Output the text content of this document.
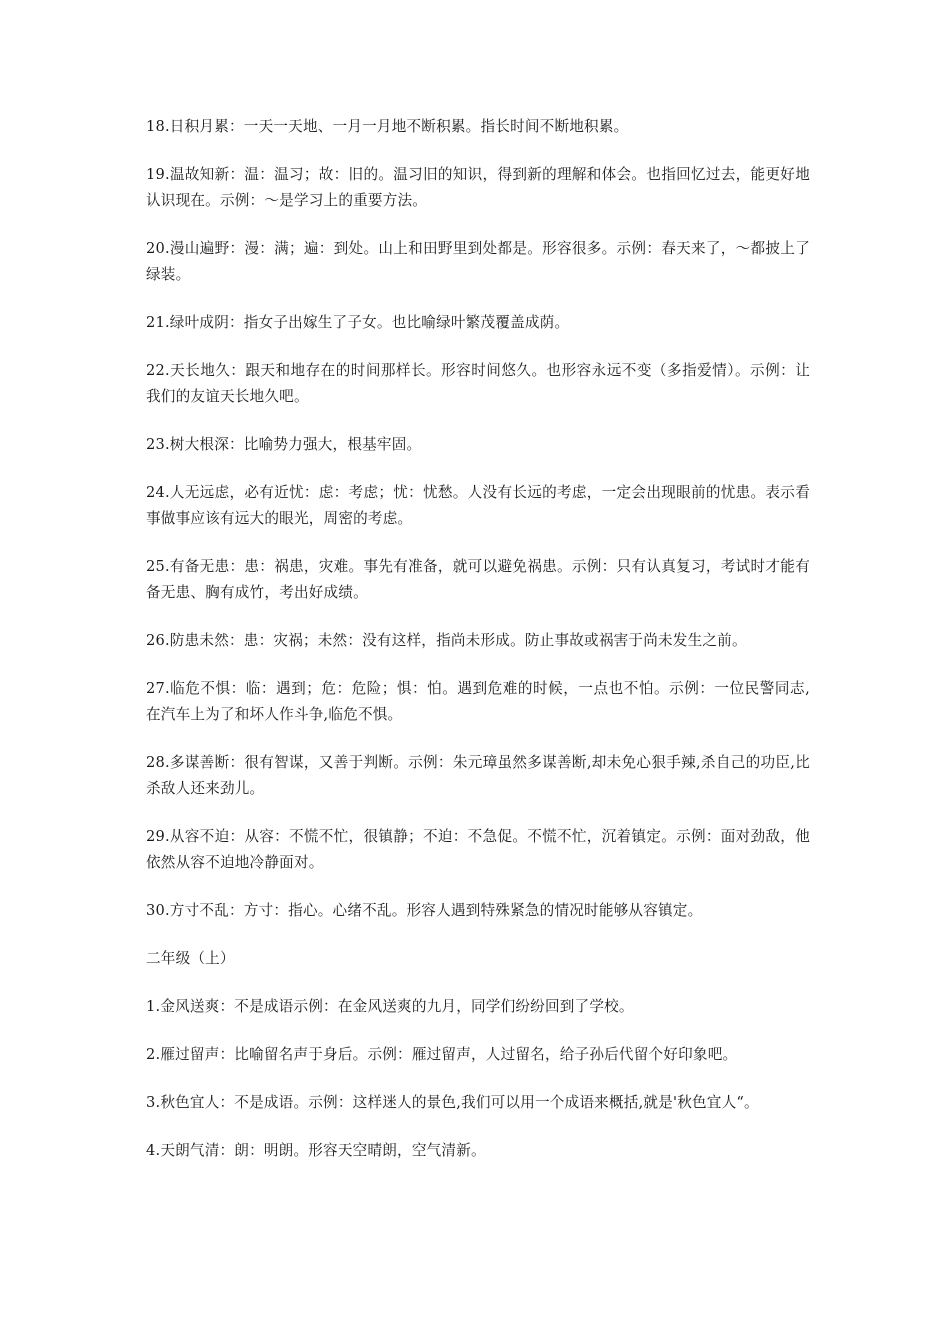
18.日积月累：一天一天地、一月一月地不断积累。指长时间不断地积累。

19.温故知新：温：温习；故：旧的。温习旧的知识，得到新的理解和体会。也指回忆过去，能更好地认识现在。示例：～是学习上的重要方法。

20.漫山遍野：漫：满；遍：到处。山上和田野里到处都是。形容很多。示例：春天来了，～都披上了绿装。

21.绿叶成阴：指女子出嫁生了子女。也比喻绿叶繁茂覆盖成荫。

22.天长地久：跟天和地存在的时间那样长。形容时间悠久。也形容永远不变（多指爱情）。示例：让我们的友谊天长地久吧。

23.树大根深：比喻势力强大，根基牢固。

24.人无远虑，必有近忧：虑：考虑；忧：忧愁。人没有长远的考虑，一定会出现眼前的忧患。表示看事做事应该有远大的眼光，周密的考虑。

25.有备无患：患：祸患，灾难。事先有准备，就可以避免祸患。示例：只有认真复习，考试时才能有备无患、胸有成竹，考出好成绩。

26.防患未然：患：灾祸；未然：没有这样，指尚未形成。防止事故或祸害于尚未发生之前。

27.临危不惧：临：遇到；危：危险；惧：怕。遇到危难的时候，一点也不怕。示例：一位民警同志,在汽车上为了和坏人作斗争,临危不惧。

28.多谋善断：很有智谋，又善于判断。示例：朱元璋虽然多谋善断,却未免心狠手辣,杀自己的功臣,比杀敌人还来劲儿。

29.从容不迫：从容：不慌不忙，很镇静；不迫：不急促。不慌不忙，沉着镇定。示例：面对劲敌，他依然从容不迫地冷静面对。

30.方寸不乱：方寸：指心。心绪不乱。形容人遇到特殊紧急的情况时能够从容镇定。

二年级（上）

1.金风送爽：不是成语示例：在金风送爽的九月，同学们纷纷回到了学校。

2.雁过留声：比喻留名声于身后。示例：雁过留声，人过留名，给子孙后代留个好印象吧。

3.秋色宜人：不是成语。示例：这样迷人的景色,我们可以用一个成语来概括,就是'秋色宜人“。

4.天朗气清：朗：明朗。形容天空晴朗，空气清新。
